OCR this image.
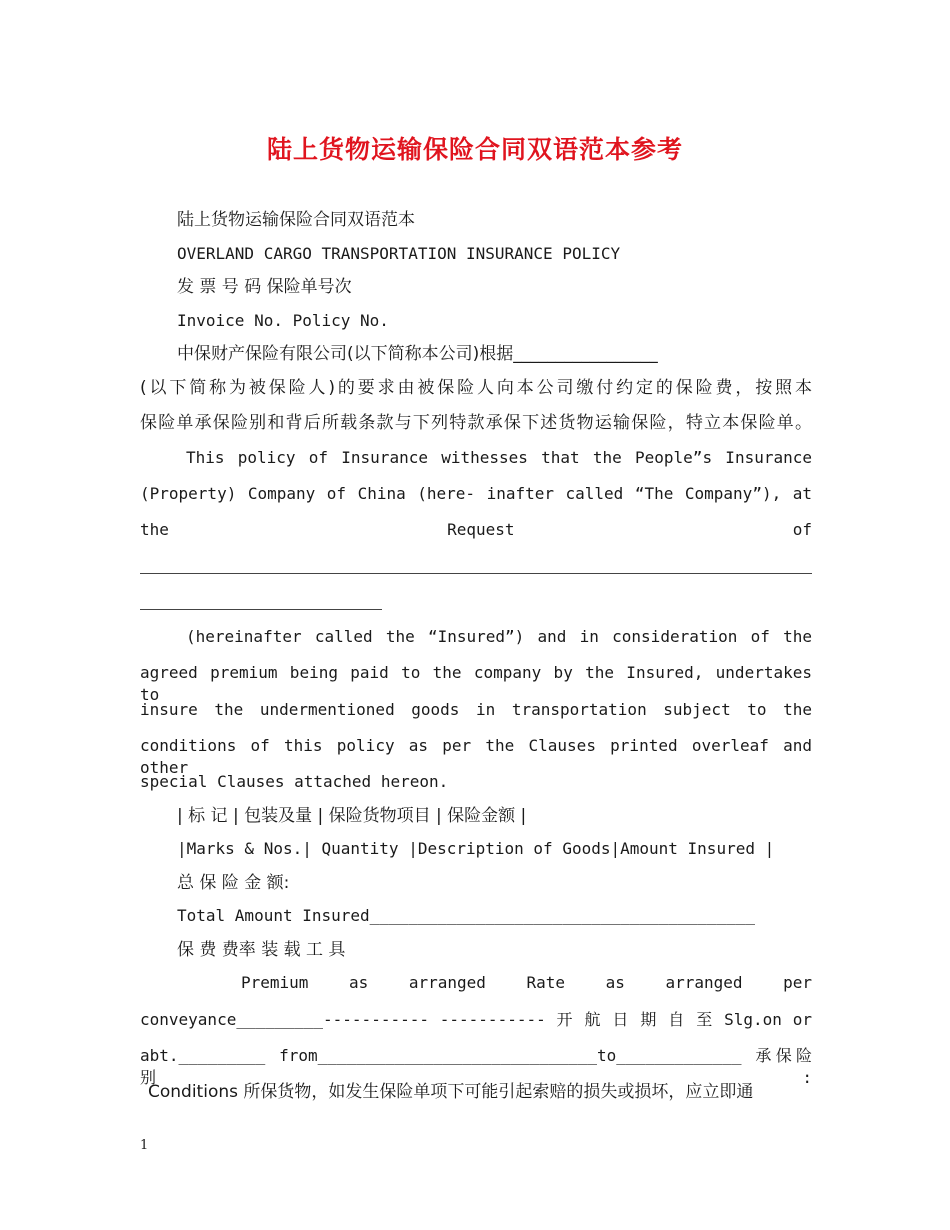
陆上货物运输保险合同双语范本参考
陆上货物运输保险合同双语范本
OVERLAND CARGO TRANSPORTATION INSURANCE POLICY
发 票 号 码 保险单号次
Invoice No. Policy No.
中保财产保险有限公司(以下简称本公司)根据_________________
(以下简称为被保险人)的要求由被保险人向本公司缴付约定的保险费，按照本
保险单承保险别和背后所载条款与下列特款承保下述货物运输保险，特立本保险单。
This policy of Insurance withesses that the People”s Insurance
(Property) Company of China (here- inafter called “The Company”), at
the Request of
(hereinafter called the “Insured”) and in consideration of the
agreed premium being paid to the company by the Insured, undertakes to
insure the undermentioned goods in transportation subject to the
conditions of this policy as per the Clauses printed overleaf and other
special Clauses attached hereon.
| 标 记 | 包装及量 | 保险货物项目 | 保险金额 |
|Marks & Nos.| Quantity |Description of Goods|Amount Insured |
总 保 险 金 额:
Total Amount Insured________________________________________
保 费 费率 装 载 工 具
Premium as arranged Rate as arranged per
conveyance_________----------- ----------- 开 航 日 期 自 至 Slg.on or
abt._________ from_____________________________to_____________ 承保险别:
Conditions 所保货物，如发生保险单项下可能引起索赔的损失或损坏，应立即通
1
